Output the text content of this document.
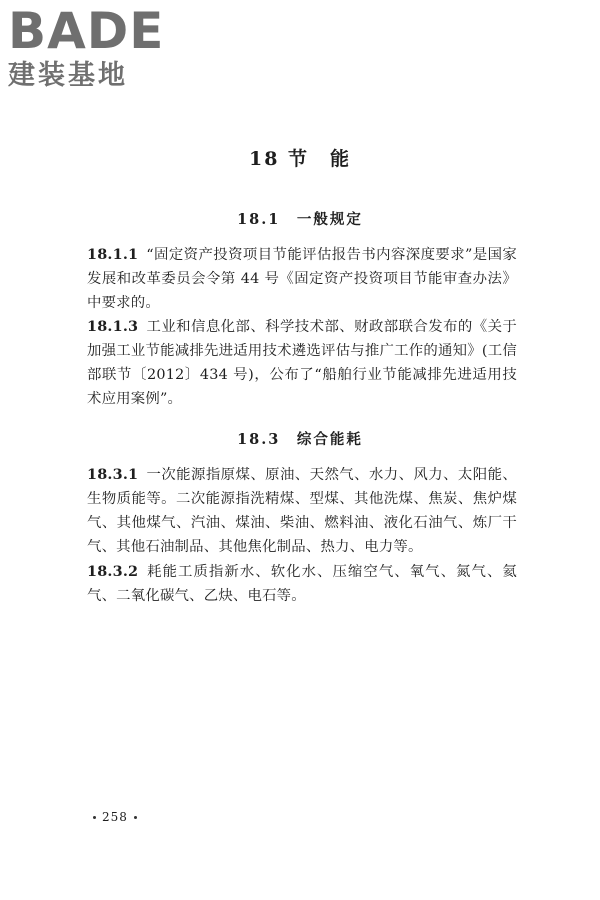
BADE
建装基地
18 节　能
18.1　一般规定
18.1.1 “固定资产投资项目节能评估报告书内容深度要求”是国家发展和改革委员会令第 44 号《固定资产投资项目节能审查办法》中要求的。
18.1.3 工业和信息化部、科学技术部、财政部联合发布的《关于加强工业节能减排先进适用技术遴选评估与推广工作的通知》(工信部联节〔2012〕434 号)，公布了“船舶行业节能减排先进适用技术应用案例”。
18.3　综合能耗
18.3.1 一次能源指原煤、原油、天然气、水力、风力、太阳能、生物质能等。二次能源指洗精煤、型煤、其他洗煤、焦炭、焦炉煤气、其他煤气、汽油、煤油、柴油、燃料油、液化石油气、炼厂干气、其他石油制品、其他焦化制品、热力、电力等。
18.3.2 耗能工质指新水、软化水、压缩空气、氧气、氮气、氦气、二氧化碳气、乙炔、电石等。
258
